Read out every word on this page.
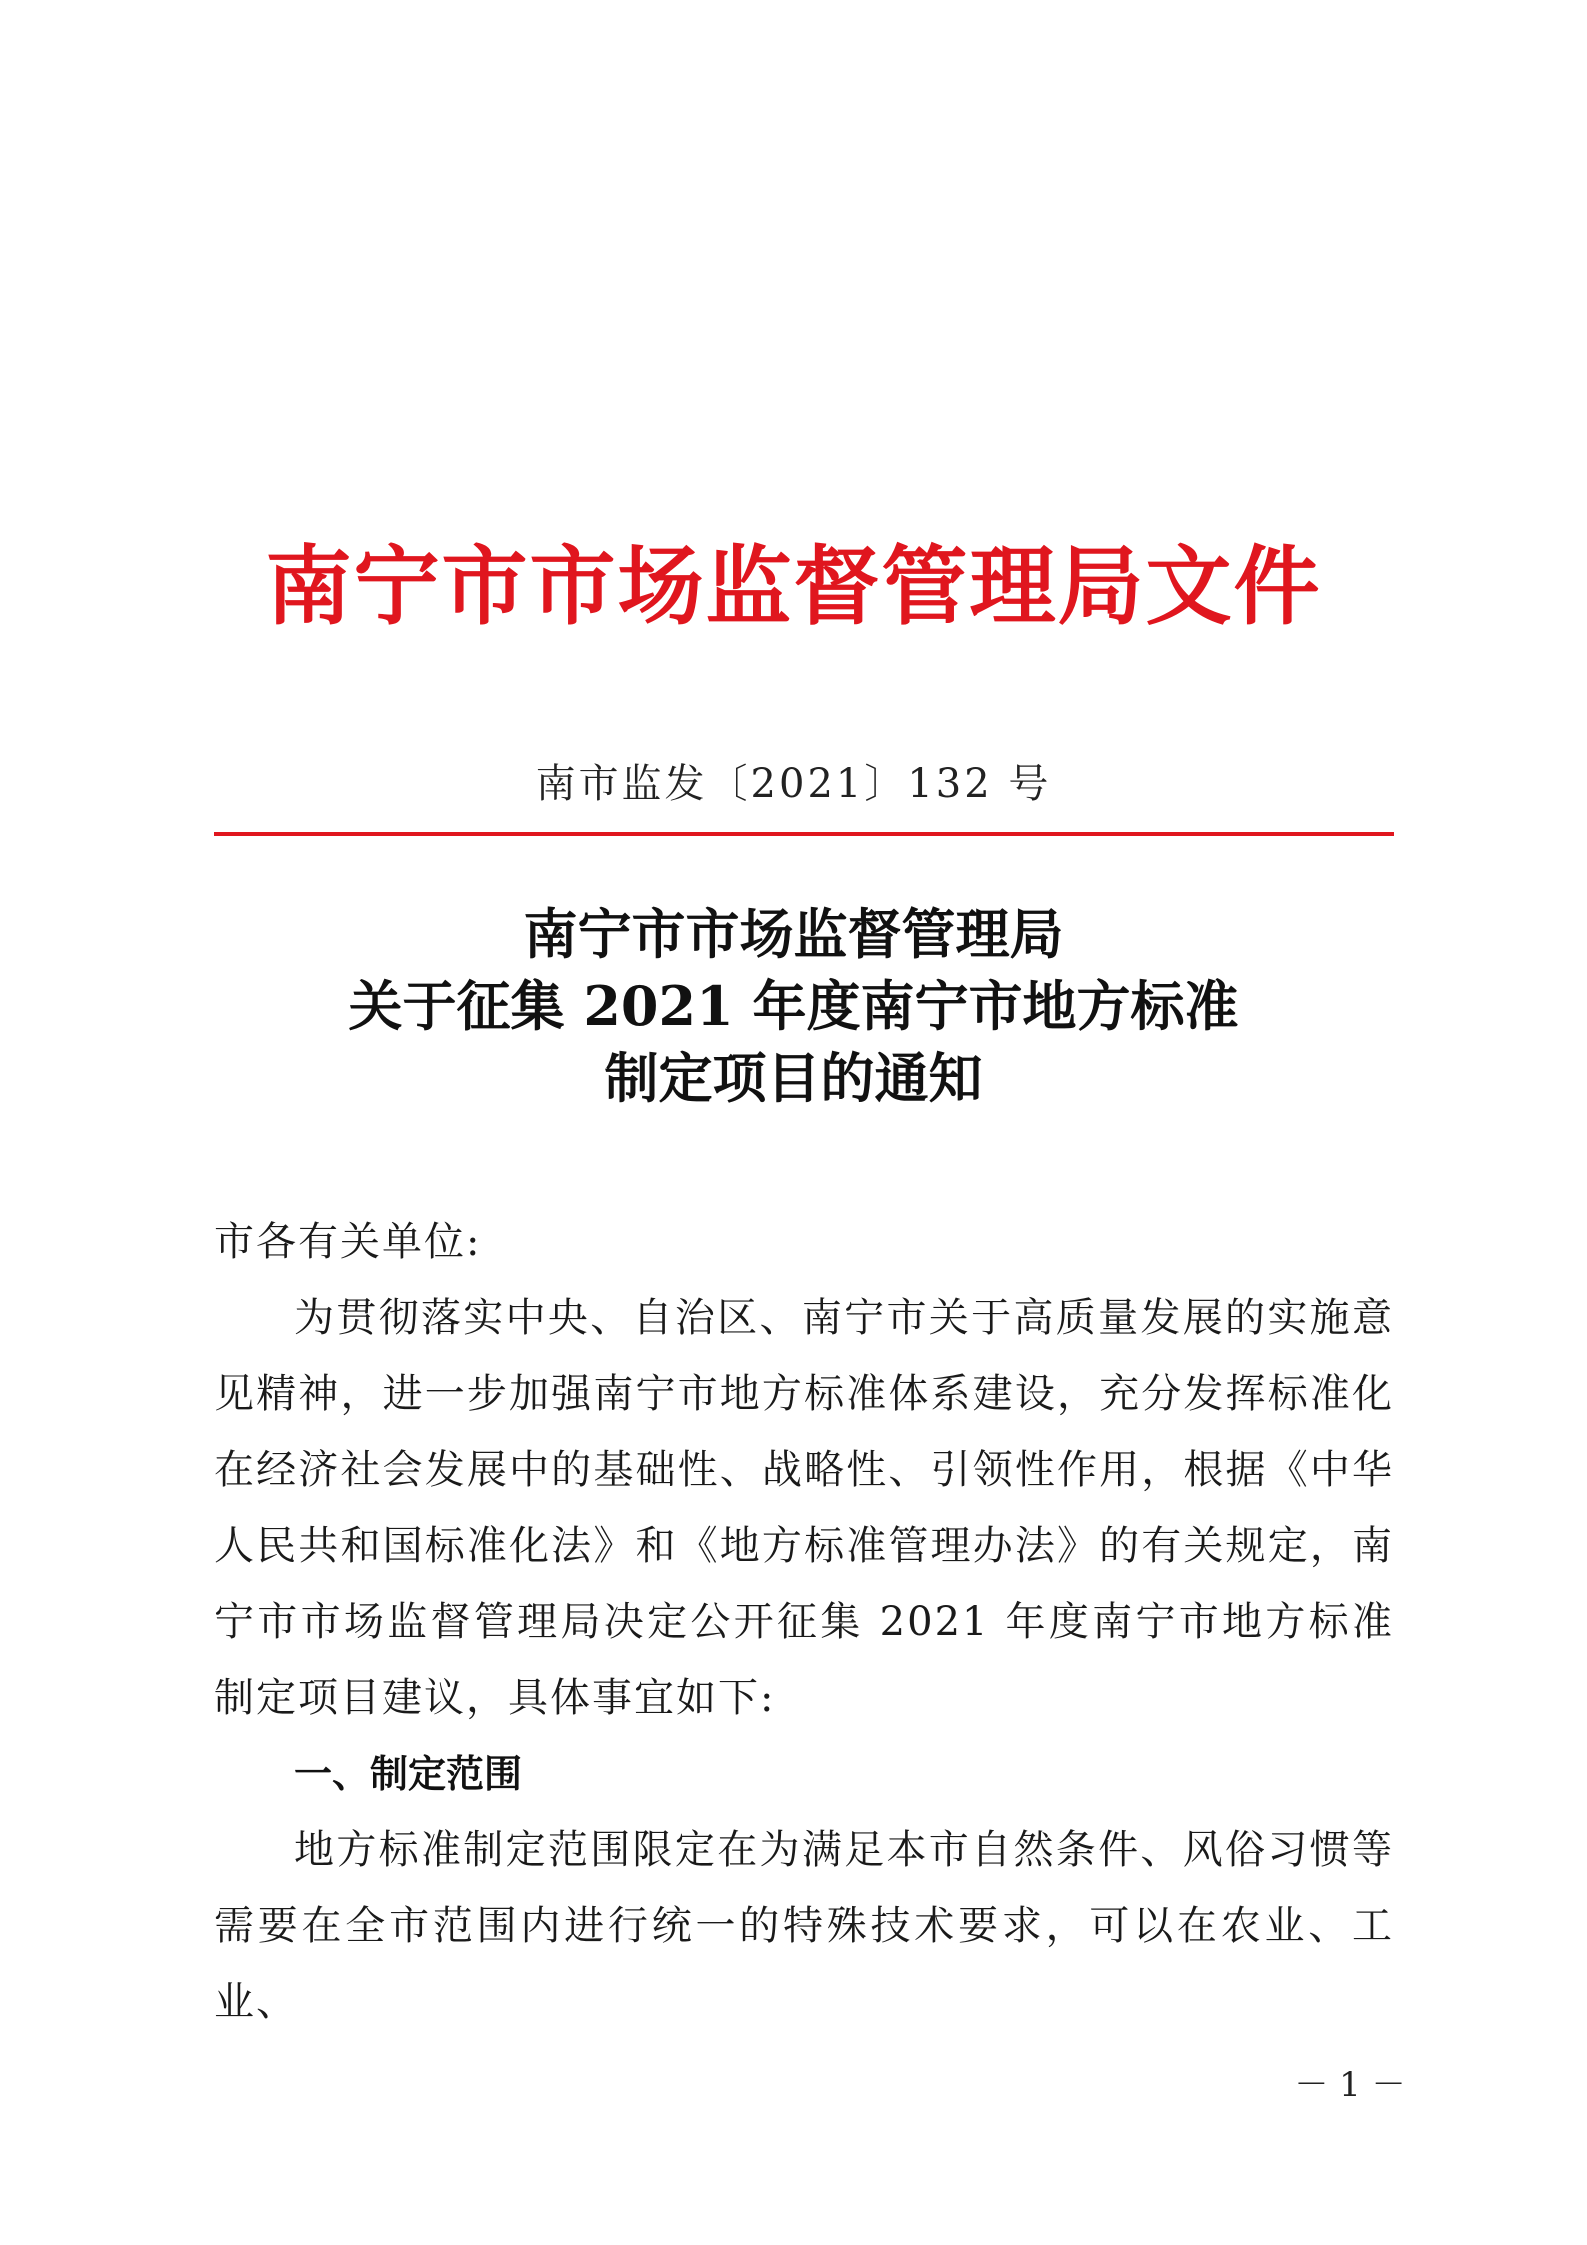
南宁市市场监督管理局文件
南市监发〔2021〕132 号
南宁市市场监督管理局
关于征集 2021 年度南宁市地方标准
制定项目的通知
市各有关单位:
为贯彻落实中央、自治区、南宁市关于高质量发展的实施意见精神，进一步加强南宁市地方标准体系建设，充分发挥标准化在经济社会发展中的基础性、战略性、引领性作用，根据《中华人民共和国标准化法》和《地方标准管理办法》的有关规定，南宁市市场监督管理局决定公开征集 2021 年度南宁市地方标准制定项目建议，具体事宜如下:
一、制定范围
地方标准制定范围限定在为满足本市自然条件、风俗习惯等需要在全市范围内进行统一的特殊技术要求，可以在农业、工业、
－ 1 －
